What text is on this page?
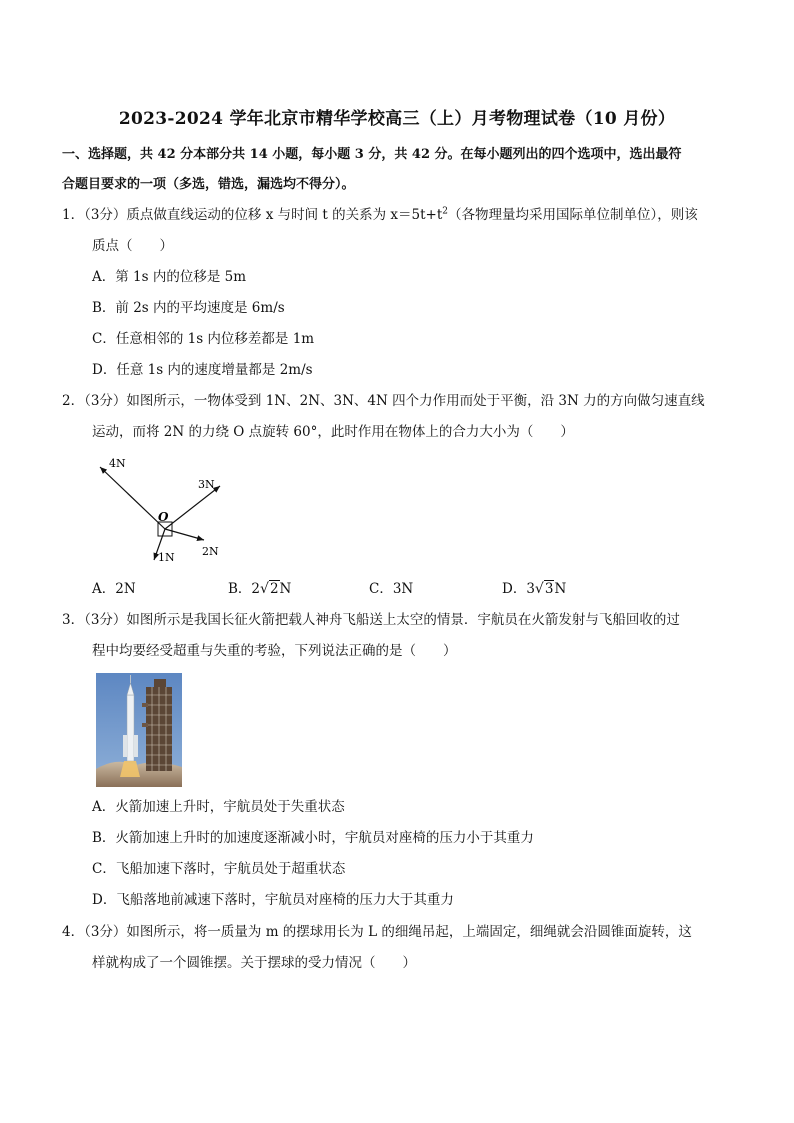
2023-2024 学年北京市精华学校高三（上）月考物理试卷（10 月份）
一、选择题，共 42 分本部分共 14 小题，每小题 3 分，共 42 分。在每小题列出的四个选项中，选出最符
合题目要求的一项（多选，错选，漏选均不得分）。
1．（3分）质点做直线运动的位移 x 与时间 t 的关系为 $x=5t+t^2$（各物理量均采用国际单位制单位），则该
质点（　　）
A．第 1s 内的位移是 5m
B．前 2s 内的平均速度是 6m/s
C．任意相邻的 1s 内位移差都是 1m
D．任意 1s 内的速度增量都是 2m/s
2．（3分）如图所示，一物体受到 1N、2N、3N、4N 四个力作用而处于平衡，沿 3N 力的方向做匀速直线
运动，而将 2N 的力绕 O 点旋转 60°，此时作用在物体上的合力大小为（　　）
4N
3N
O
1N 2N
A．2N	B．2√2N	C．3N	D．3√3N
3．（3分）如图所示是我国长征火箭把载人神舟飞船送上太空的情景．宇航员在火箭发射与飞船回收的过
程中均要经受超重与失重的考验，下列说法正确的是（　　）
A．火箭加速上升时，宇航员处于失重状态
B．火箭加速上升时的加速度逐渐减小时，宇航员对座椅的压力小于其重力
C．飞船加速下落时，宇航员处于超重状态
D．飞船落地前减速下落时，宇航员对座椅的压力大于其重力
4．（3分）如图所示，将一质量为 m 的摆球用长为 L 的细绳吊起，上端固定，细绳就会沿圆锥面旋转，这
样就构成了一个圆锥摆。关于摆球的受力情况（　　）
